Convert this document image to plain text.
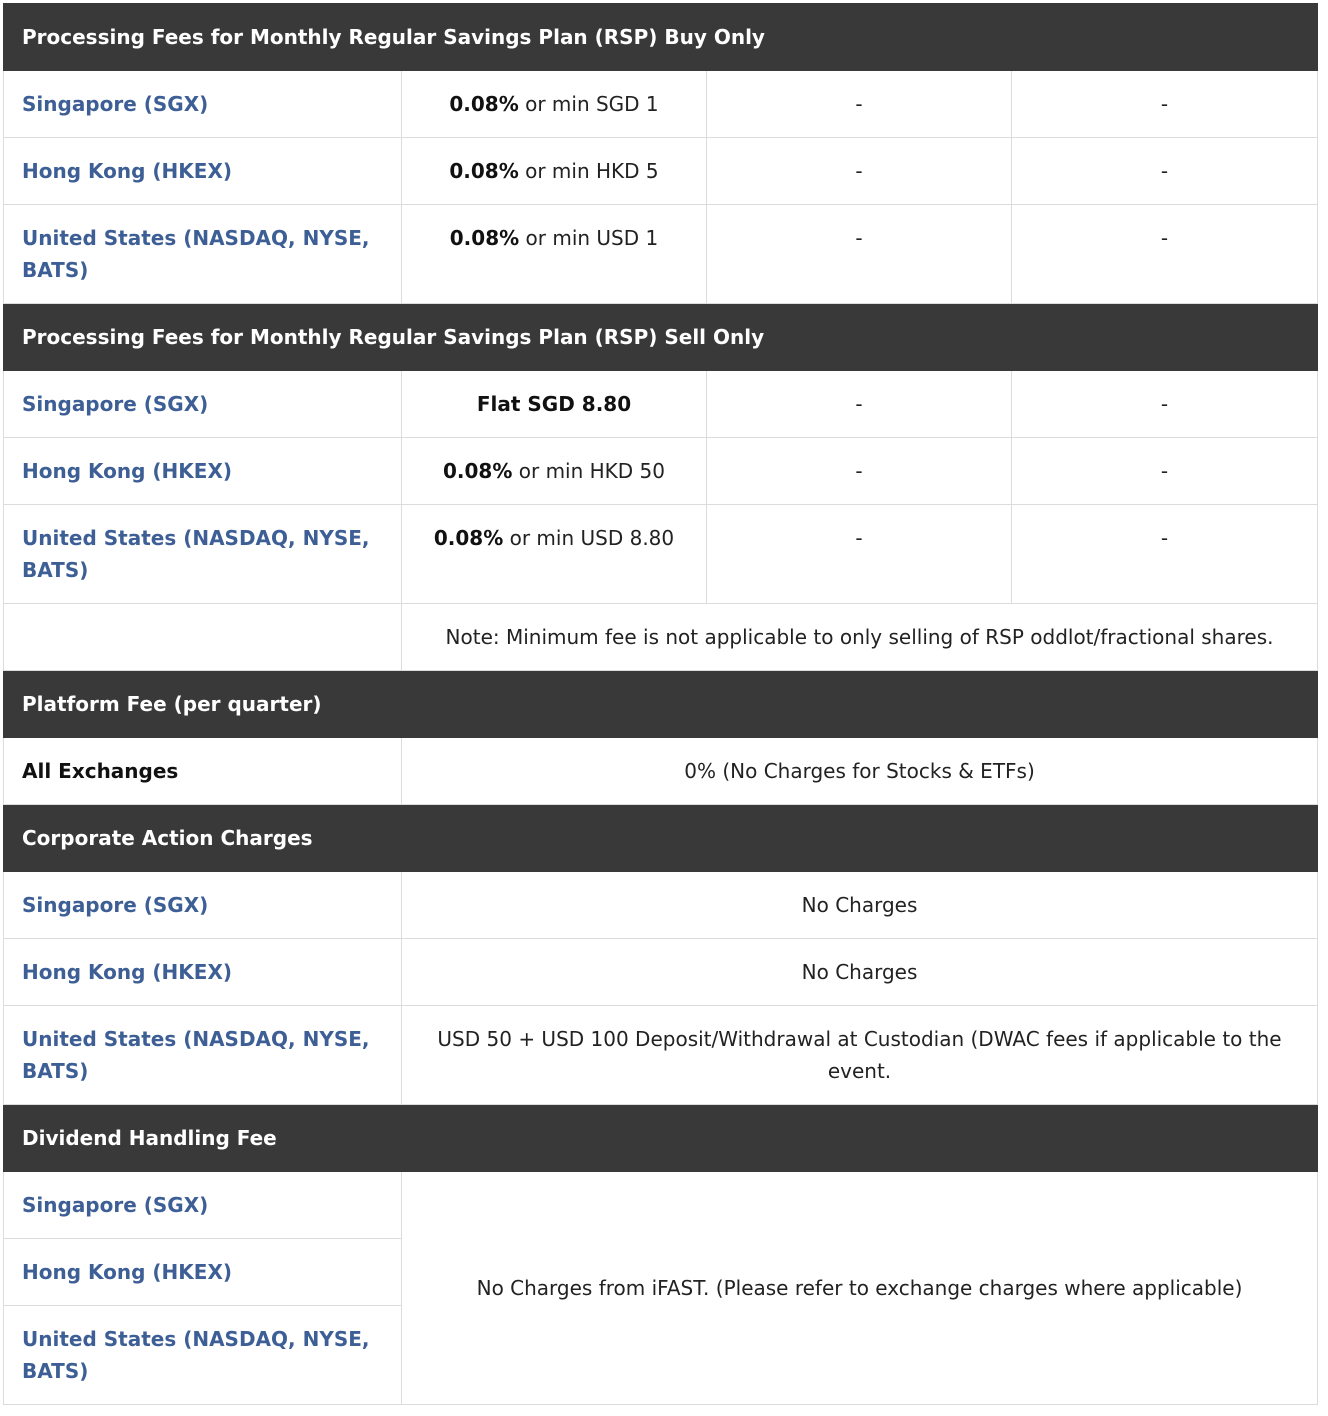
Processing Fees for Monthly Regular Savings Plan (RSP) Buy Only			
Singapore (SGX)	0.08% or min SGD 1	-	-
Hong Kong (HKEX)	0.08% or min HKD 5	-	-
United States (NASDAQ, NYSE, BATS)	0.08% or min USD 1	-	-
Processing Fees for Monthly Regular Savings Plan (RSP) Sell Only			
Singapore (SGX)	Flat SGD 8.80	-	-
Hong Kong (HKEX)	0.08% or min HKD 50	-	-
United States (NASDAQ, NYSE, BATS)	0.08% or min USD 8.80	-	-
	Note: Minimum fee is not applicable to only selling of RSP oddlot/fractional shares.		
Platform Fee (per quarter)			
All Exchanges	0% (No Charges for Stocks & ETFs)		
Corporate Action Charges			
Singapore (SGX)	No Charges		
Hong Kong (HKEX)	No Charges		
United States (NASDAQ, NYSE, BATS)	USD 50 + USD 100 Deposit/Withdrawal at Custodian (DWAC fees if applicable to the event.		
Dividend Handling Fee			
Singapore (SGX)	No Charges from iFAST. (Please refer to exchange charges where applicable)		
Hong Kong (HKEX)			
United States (NASDAQ, NYSE, BATS)			
